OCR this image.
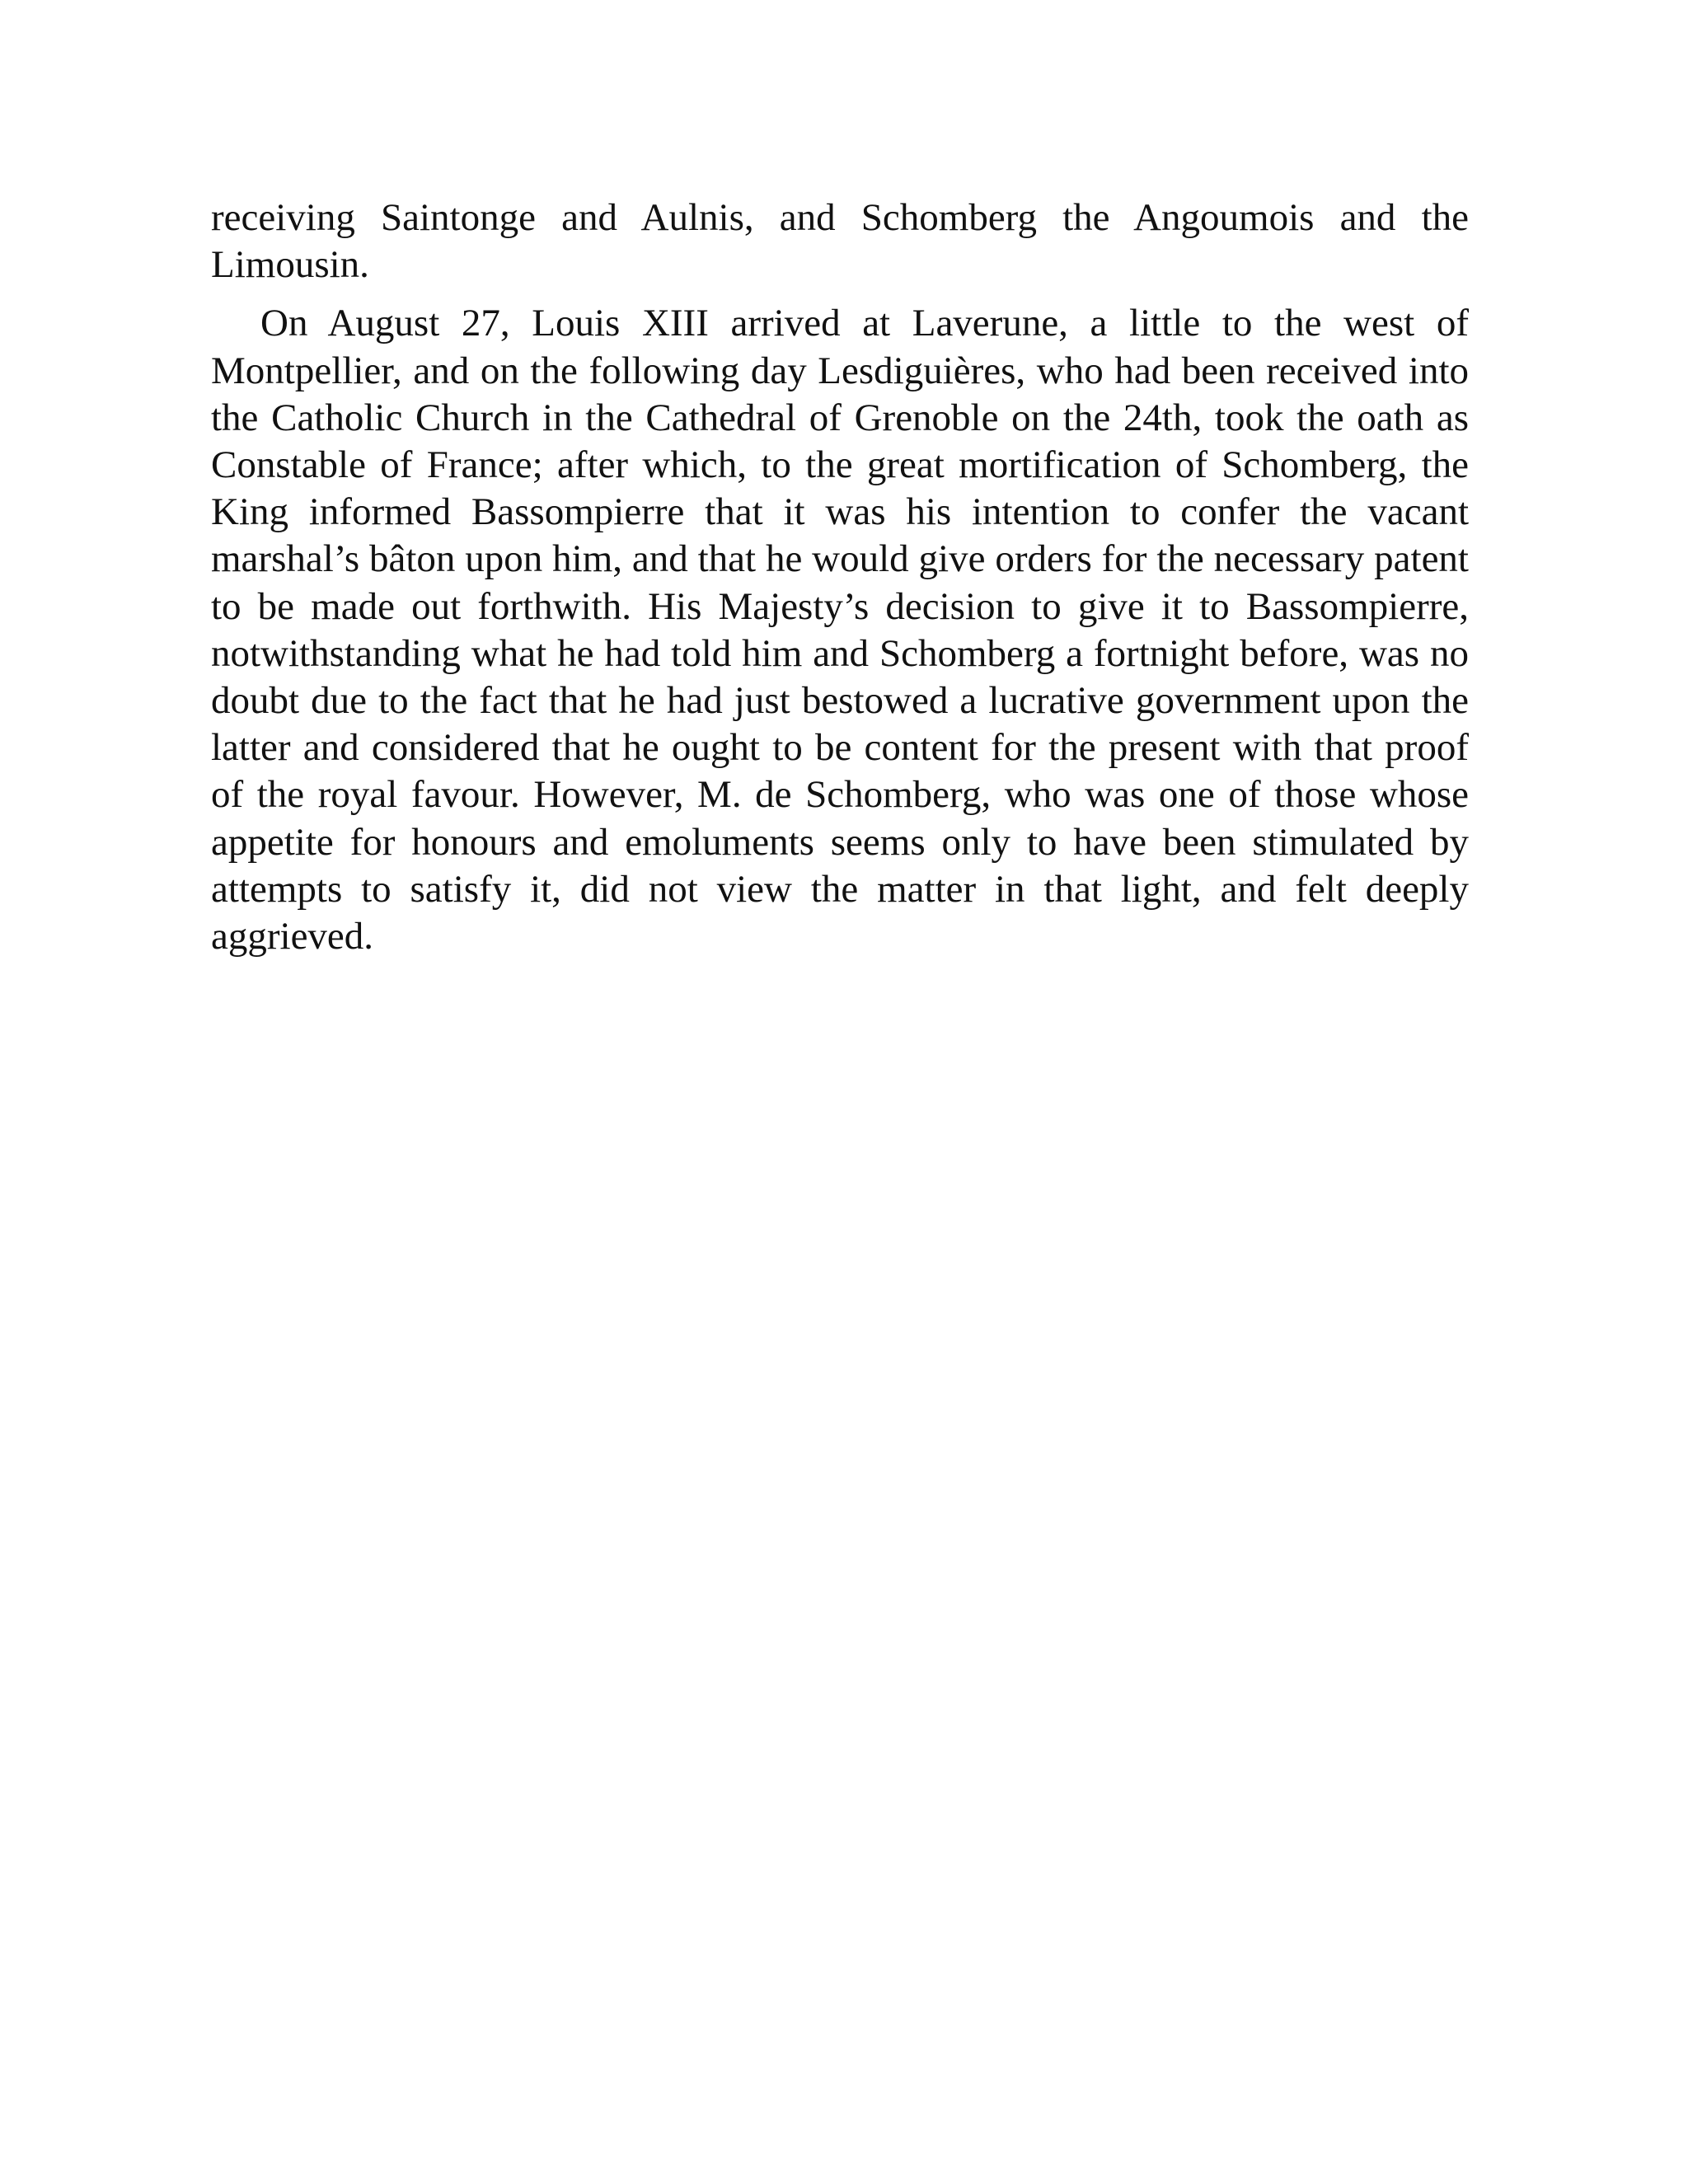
receiving Saintonge and Aulnis, and Schomberg the Angoumois and the Limousin.

On August 27, Louis XIII arrived at Laverune, a little to the west of Montpellier, and on the following day Lesdiguières, who had been received into the Catholic Church in the Cathedral of Grenoble on the 24th, took the oath as Constable of France; after which, to the great mortification of Schomberg, the King informed Bassompierre that it was his intention to confer the vacant marshal’s bâton upon him, and that he would give orders for the necessary patent to be made out forthwith. His Majesty’s decision to give it to Bassompierre, notwithstanding what he had told him and Schomberg a fortnight before, was no doubt due to the fact that he had just bestowed a lucrative government upon the latter and considered that he ought to be content for the present with that proof of the royal favour. However, M. de Schomberg, who was one of those whose appetite for honours and emoluments seems only to have been stimulated by attempts to satisfy it, did not view the matter in that light, and felt deeply aggrieved.
